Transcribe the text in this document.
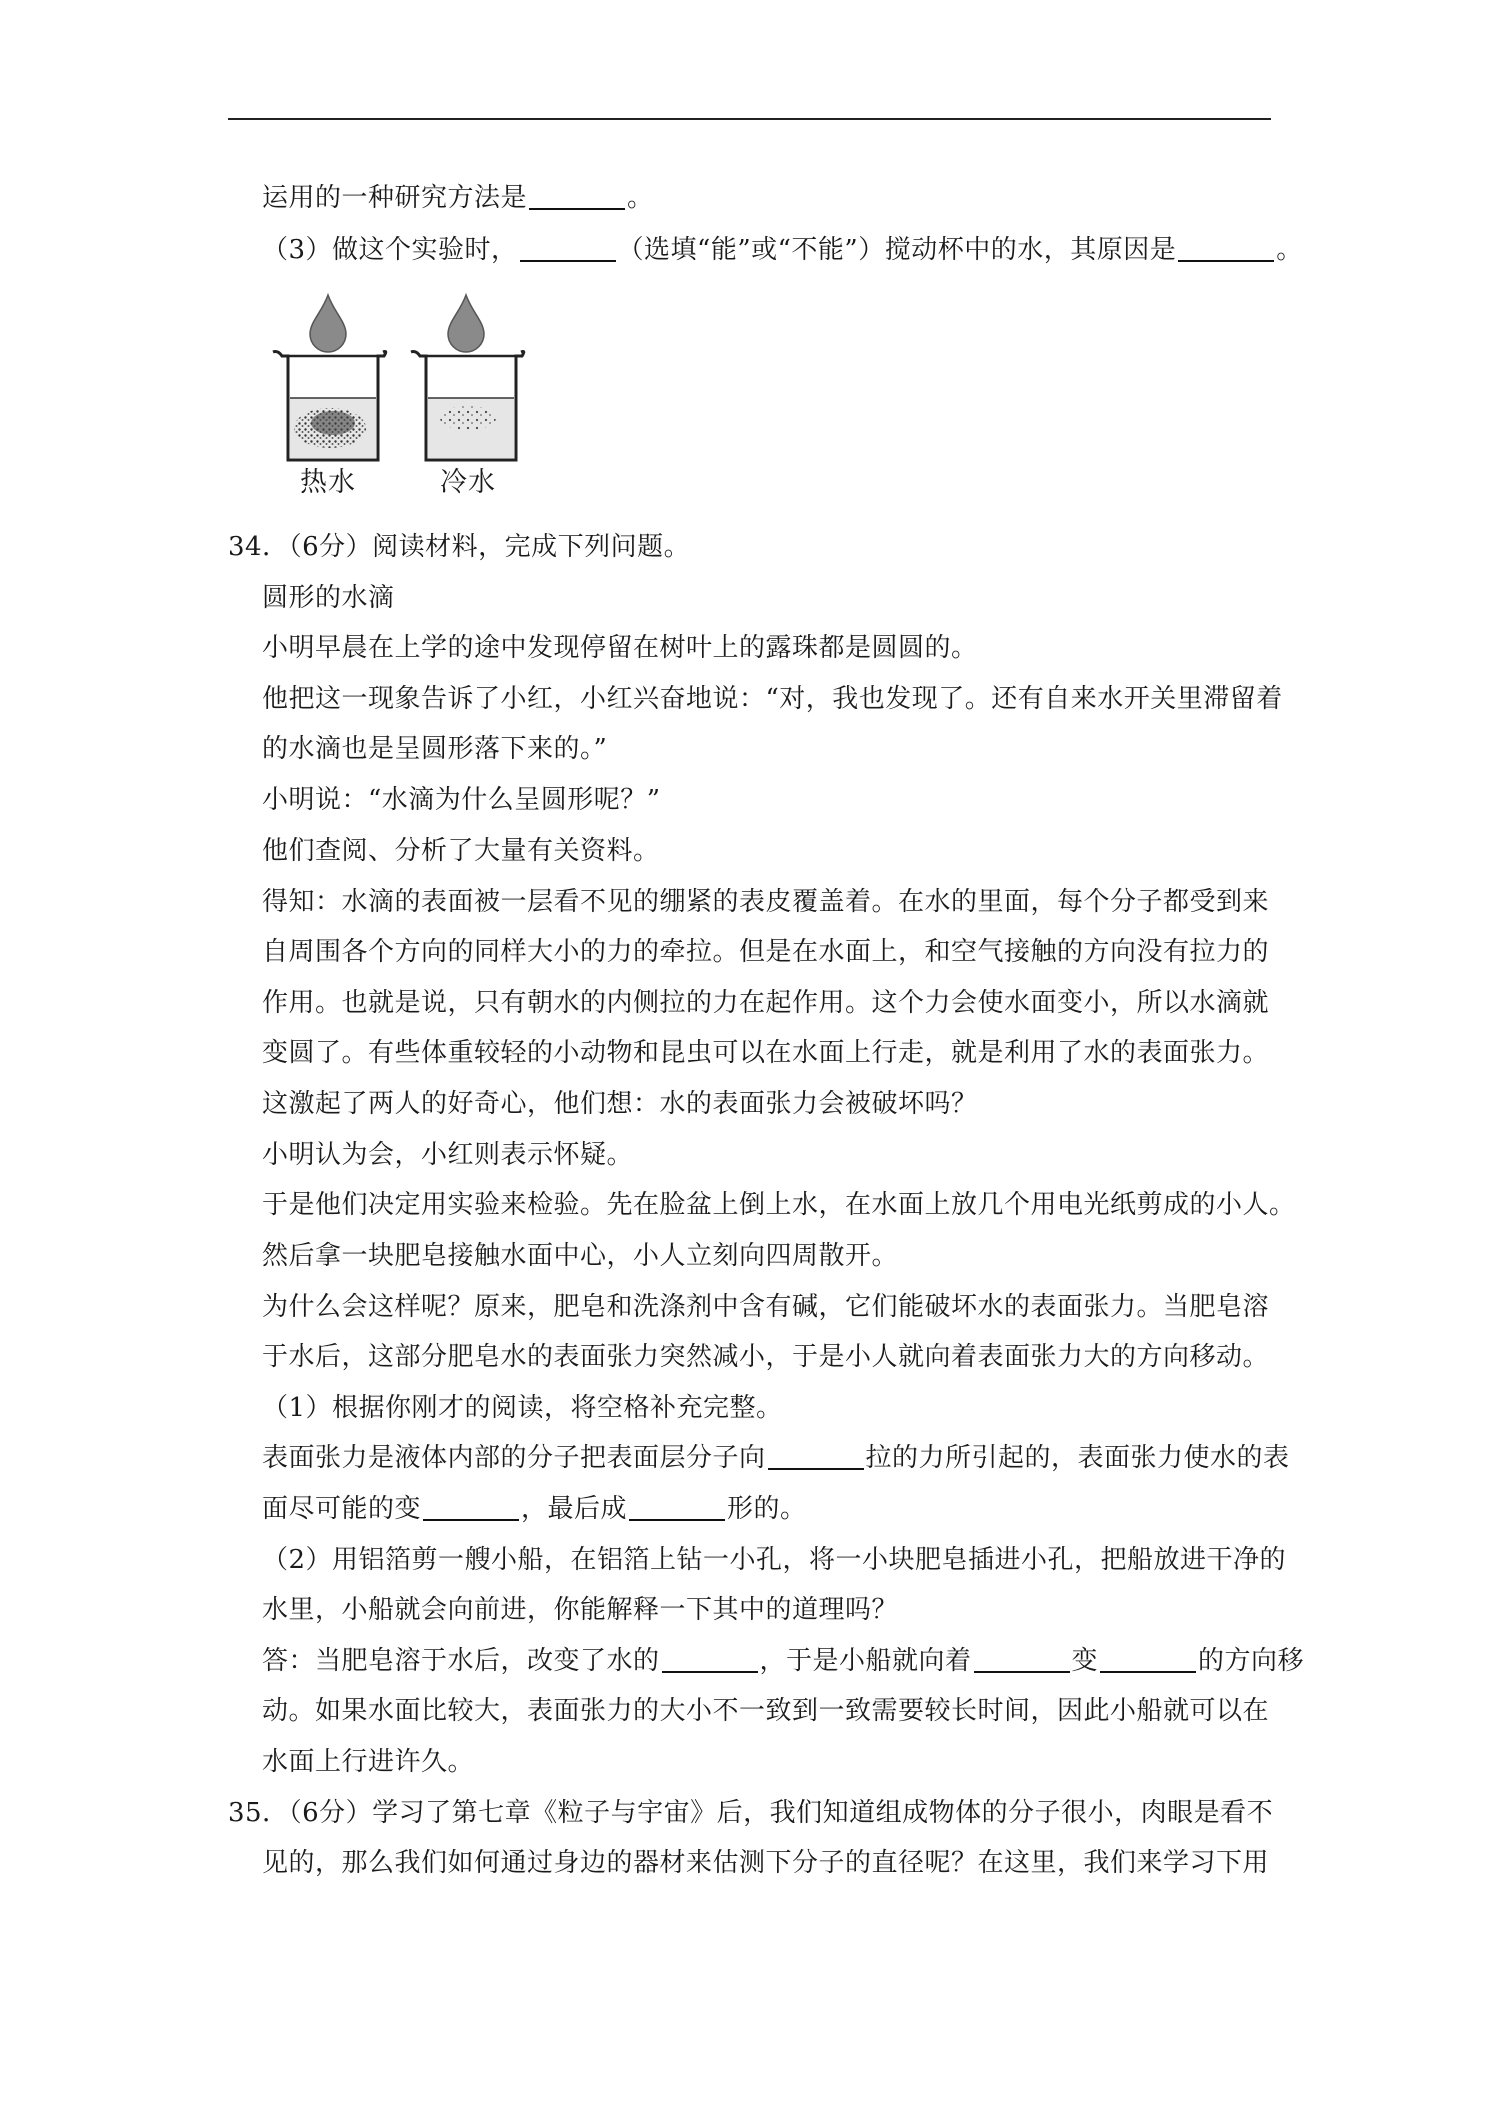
运用的一种研究方法是	。
（3）做这个实验时，	（选填“能”或“不能”）搅动杯中的水，其原因是	。
热水	冷水
34．（6分）阅读材料，完成下列问题。
圆形的水滴
小明早晨在上学的途中发现停留在树叶上的露珠都是圆圆的。
他把这一现象告诉了小红，小红兴奋地说：“对，我也发现了。还有自来水开关里滞留着
的水滴也是呈圆形落下来的。”
小明说：“水滴为什么呈圆形呢？”
他们查阅、分析了大量有关资料。
得知：水滴的表面被一层看不见的绷紧的表皮覆盖着。在水的里面，每个分子都受到来
自周围各个方向的同样大小的力的牵拉。但是在水面上，和空气接触的方向没有拉力的
作用。也就是说，只有朝水的内侧拉的力在起作用。这个力会使水面变小，所以水滴就
变圆了。有些体重较轻的小动物和昆虫可以在水面上行走，就是利用了水的表面张力。
这激起了两人的好奇心，他们想：水的表面张力会被破坏吗？
小明认为会，小红则表示怀疑。
于是他们决定用实验来检验。先在脸盆上倒上水，在水面上放几个用电光纸剪成的小人。
然后拿一块肥皂接触水面中心，小人立刻向四周散开。
为什么会这样呢？原来，肥皂和洗涤剂中含有碱，它们能破坏水的表面张力。当肥皂溶
于水后，这部分肥皂水的表面张力突然减小，于是小人就向着表面张力大的方向移动。
（1）根据你刚才的阅读，将空格补充完整。
表面张力是液体内部的分子把表面层分子向	拉的力所引起的，表面张力使水的表
面尽可能的变	，最后成	形的。
（2）用铝箔剪一艘小船，在铝箔上钻一小孔，将一小块肥皂插进小孔，把船放进干净的
水里，小船就会向前进，你能解释一下其中的道理吗？
答：当肥皂溶于水后，改变了水的	，于是小船就向着	变	的方向移
动。如果水面比较大，表面张力的大小不一致到一致需要较长时间，因此小船就可以在
水面上行进许久。
35．（6分）学习了第七章《粒子与宇宙》后，我们知道组成物体的分子很小，肉眼是看不
见的，那么我们如何通过身边的器材来估测下分子的直径呢？在这里，我们来学习下用
